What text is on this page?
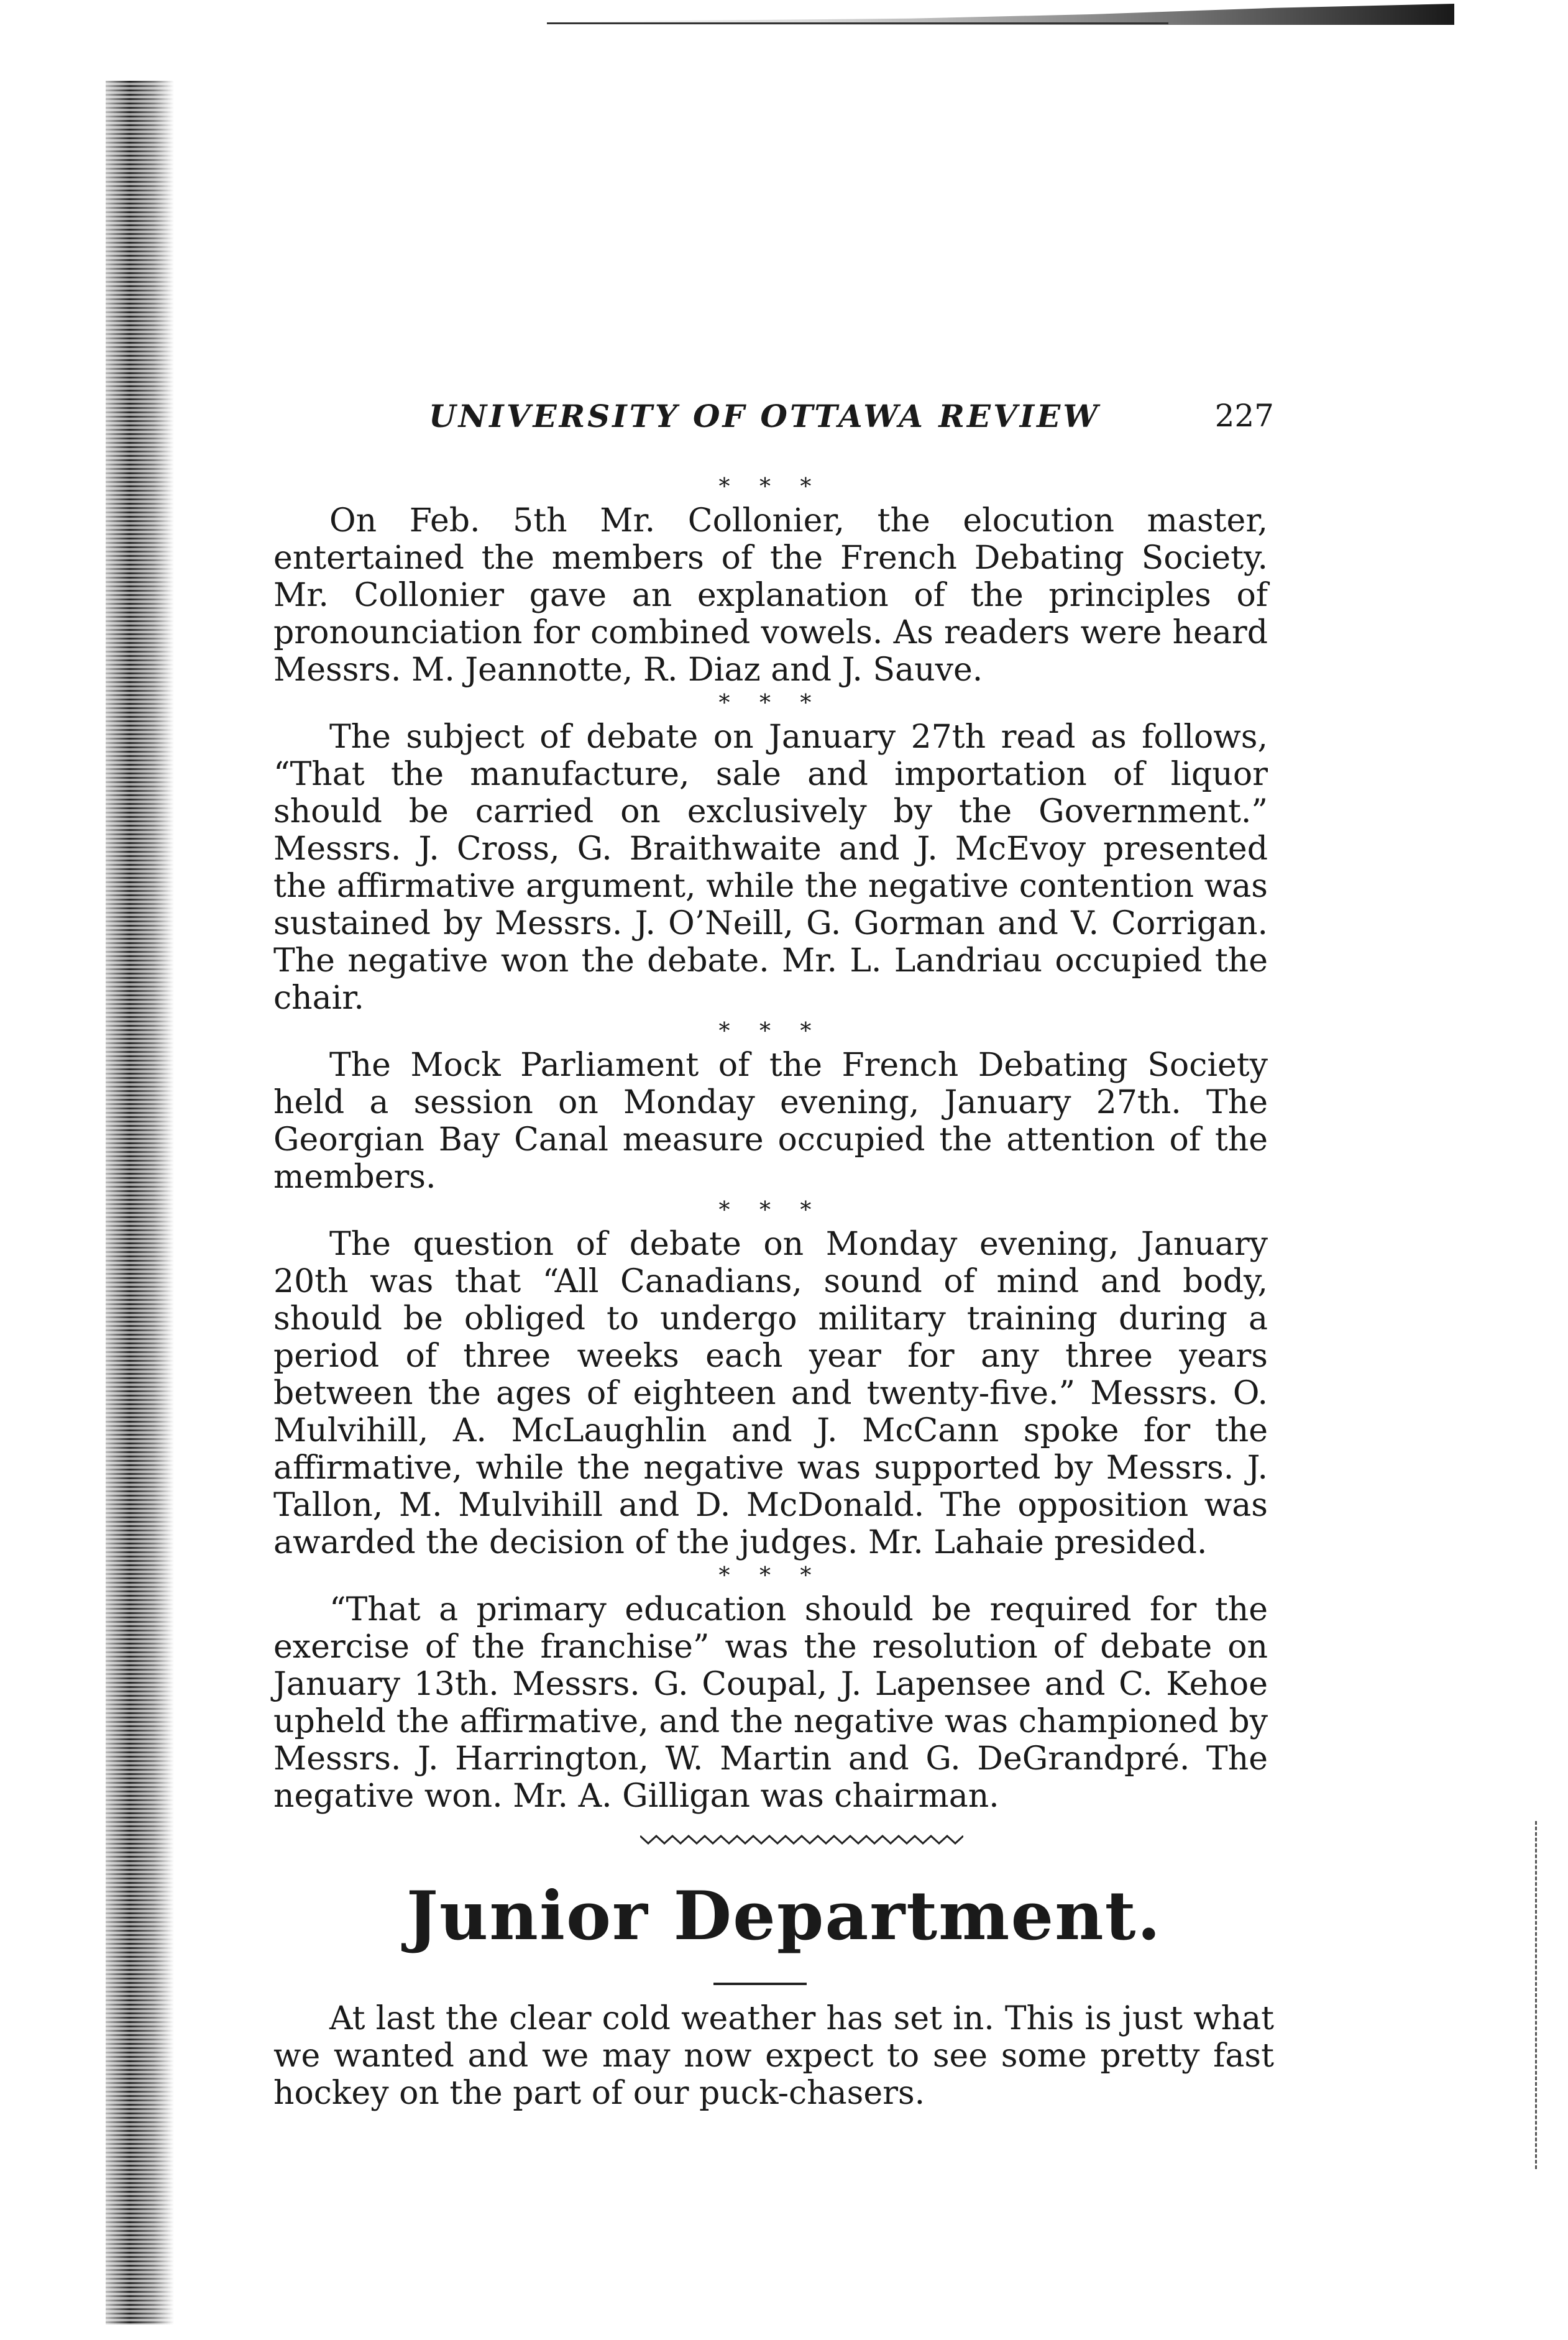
UNIVERSITY OF OTTAWA REVIEW	227
* * *

On Feb. 5th Mr. Collonier, the elocution master, entertained the members of the French Debating Society. Mr. Collonier gave an explanation of the principles of pronounciation for combined vowels. As readers were heard Messrs. M. Jeannotte, R. Diaz and J. Sauve.

* * *

The subject of debate on January 27th read as follows, “That the manufacture, sale and importation of liquor should be carried on exclusively by the Government.” Messrs. J. Cross, G. Braithwaite and J. McEvoy presented the affirmative argument, while the negative contention was sustained by Messrs. J. O’Neill, G. Gorman and V. Corrigan. The negative won the debate. Mr. L. Landriau occupied the chair.

* * *

The Mock Parliament of the French Debating Society held a session on Monday evening, January 27th. The Georgian Bay Canal measure occupied the attention of the members.

* * *

The question of debate on Monday evening, January 20th was that “All Canadians, sound of mind and body, should be obliged to undergo military training during a period of three weeks each year for any three years between the ages of eighteen and twenty-five.” Messrs. O. Mulvihill, A. McLaughlin and J. McCann spoke for the affirmative, while the negative was supported by Messrs. J. Tallon, M. Mulvihill and D. McDonald. The opposition was awarded the decision of the judges. Mr. Lahaie presided.

* * *

“That a primary education should be required for the exercise of the franchise” was the resolution of debate on January 13th. Messrs. G. Coupal, J. Lapensee and C. Kehoe upheld the affirmative, and the negative was championed by Messrs. J. Harrington, W. Martin and G. DeGrandpré. The negative won. Mr. A. Gilligan was chairman.

Junior Department.

At last the clear cold weather has set in. This is just what we wanted and we may now expect to see some pretty fast hockey on the part of our puck-chasers.
